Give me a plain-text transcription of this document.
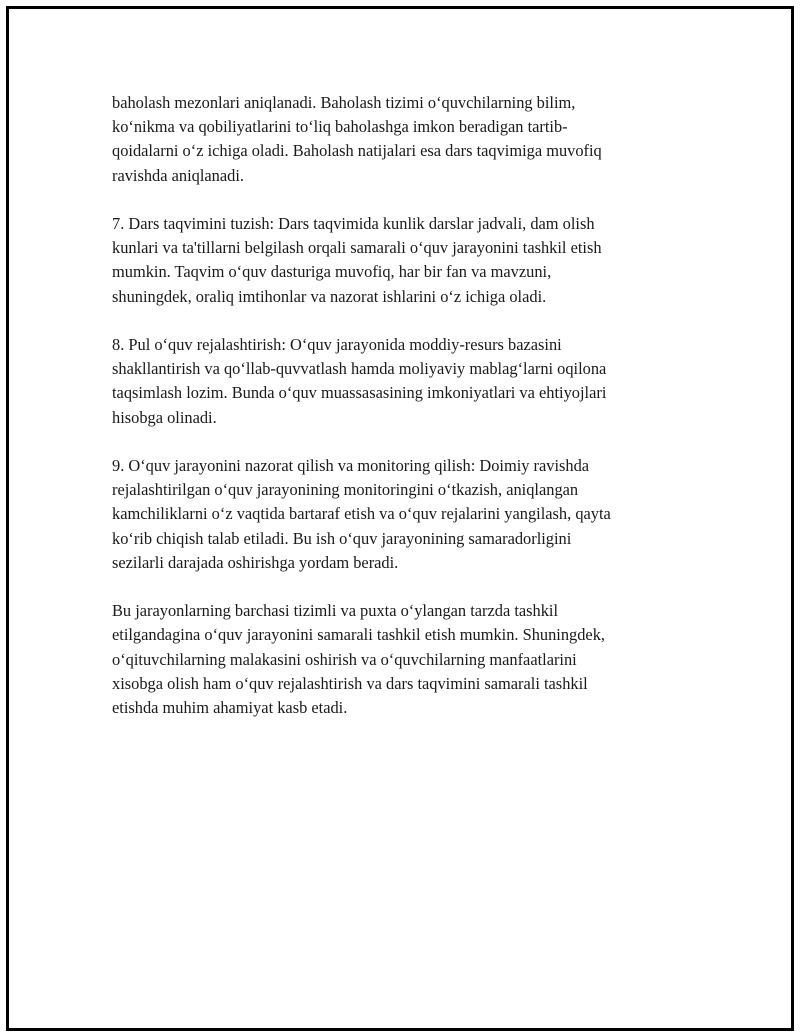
baholash mezonlari aniqlanadi. Baholash tizimi oʻquvchilarning bilim,
koʻnikma va qobiliyatlarini toʻliq baholashga imkon beradigan tartib-
qoidalarni oʻz ichiga oladi. Baholash natijalari esa dars taqvimiga muvofiq
ravishda aniqlanadi.

7. Dars taqvimini tuzish: Dars taqvimida kunlik darslar jadvali, dam olish
kunlari va ta'tillarni belgilash orqali samarali oʻquv jarayonini tashkil etish
mumkin. Taqvim oʻquv dasturiga muvofiq, har bir fan va mavzuni,
shuningdek, oraliq imtihonlar va nazorat ishlarini oʻz ichiga oladi.

8. Pul oʻquv rejalashtirish: Oʻquv jarayonida moddiy-resurs bazasini
shakllantirish va qoʻllab-quvvatlash hamda moliyaviy mablagʻlarni oqilona
taqsimlash lozim. Bunda oʻquv muassasasining imkoniyatlari va ehtiyojlari
hisobga olinadi.

9. Oʻquv jarayonini nazorat qilish va monitoring qilish: Doimiy ravishda
rejalashtirilgan oʻquv jarayonining monitoringini oʻtkazish, aniqlangan
kamchiliklarni oʻz vaqtida bartaraf etish va oʻquv rejalarini yangilash, qayta
koʻrib chiqish talab etiladi. Bu ish oʻquv jarayonining samaradorligini
sezilarli darajada oshirishga yordam beradi.

Bu jarayonlarning barchasi tizimli va puxta oʻylangan tarzda tashkil
etilgandagina oʻquv jarayonini samarali tashkil etish mumkin. Shuningdek,
oʻqituvchilarning malakasini oshirish va oʻquvchilarning manfaatlarini
xisobga olish ham oʻquv rejalashtirish va dars taqvimini samarali tashkil
etishda muhim ahamiyat kasb etadi.
